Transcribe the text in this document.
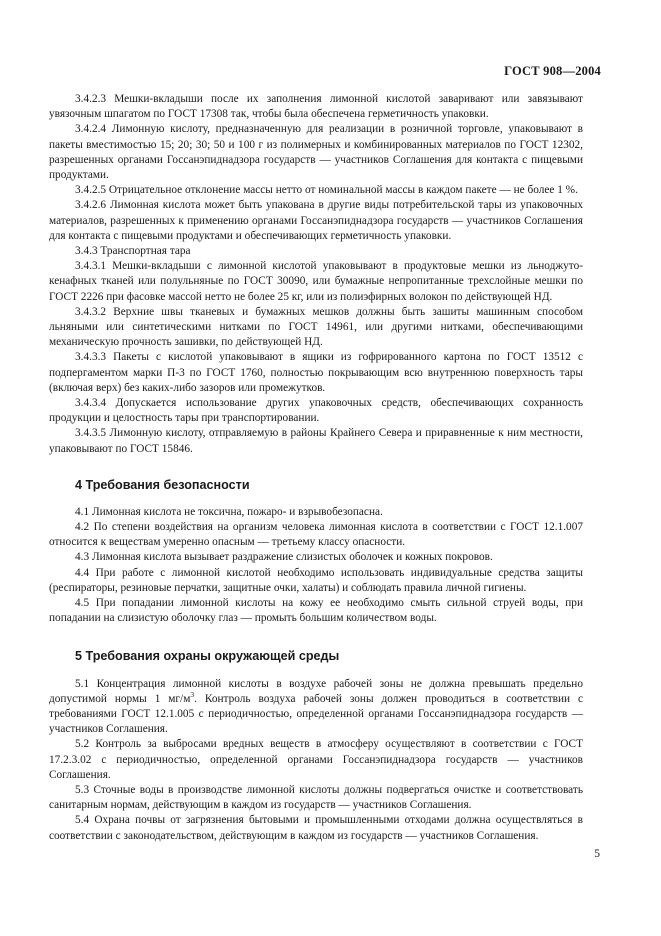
ГОСТ 908—2004

3.4.2.3 Мешки-вкладыши после их заполнения лимонной кислотой заваривают или завязывают увязочным шпагатом по ГОСТ 17308 так, чтобы была обеспечена герметичность упаковки.

3.4.2.4 Лимонную кислоту, предназначенную для реализации в розничной торговле, упаковывают в пакеты вместимостью 15; 20; 30; 50 и 100 г из полимерных и комбинированных материалов по ГОСТ 12302, разрешенных органами Госсанэпиднадзора государств — участников Соглашения для контакта с пищевыми продуктами.

3.4.2.5 Отрицательное отклонение массы нетто от номинальной массы в каждом пакете — не более 1 %.

3.4.2.6 Лимонная кислота может быть упакована в другие виды потребительской тары из упаковочных материалов, разрешенных к применению органами Госсанэпиднадзора государств — участников Соглашения для контакта с пищевыми продуктами и обеспечивающих герметичность упаковки.

3.4.3 Транспортная тара

3.4.3.1 Мешки-вкладыши с лимонной кислотой упаковывают в продуктовые мешки из льноджуто-кенафных тканей или полульняные по ГОСТ 30090, или бумажные непропитанные трехслойные мешки по ГОСТ 2226 при фасовке массой нетто не более 25 кг, или из полиэфирных волокон по действующей НД.

3.4.3.2 Верхние швы тканевых и бумажных мешков должны быть зашиты машинным способом льняными или синтетическими нитками по ГОСТ 14961, или другими нитками, обеспечивающими механическую прочность зашивки, по действующей НД.

3.4.3.3 Пакеты с кислотой упаковывают в ящики из гофрированного картона по ГОСТ 13512 с подпергаментом марки П-3 по ГОСТ 1760, полностью покрывающим всю внутреннюю поверхность тары (включая верх) без каких-либо зазоров или промежутков.

3.4.3.4 Допускается использование других упаковочных средств, обеспечивающих сохранность продукции и целостность тары при транспортировании.

3.4.3.5 Лимонную кислоту, отправляемую в районы Крайнего Севера и приравненные к ним местности, упаковывают по ГОСТ 15846.

4 Требования безопасности

4.1 Лимонная кислота не токсична, пожаро- и взрывобезопасна.

4.2 По степени воздействия на организм человека лимонная кислота в соответствии с ГОСТ 12.1.007 относится к веществам умеренно опасным — третьему классу опасности.

4.3 Лимонная кислота вызывает раздражение слизистых оболочек и кожных покровов.

4.4 При работе с лимонной кислотой необходимо использовать индивидуальные средства защиты (респираторы, резиновые перчатки, защитные очки, халаты) и соблюдать правила личной гигиены.

4.5 При попадании лимонной кислоты на кожу ее необходимо смыть сильной струей воды, при попадании на слизистую оболочку глаз — промыть большим количеством воды.

5 Требования охраны окружающей среды

5.1 Концентрация лимонной кислоты в воздухе рабочей зоны не должна превышать предельно допустимой нормы 1 $мг/м^3$. Контроль воздуха рабочей зоны должен проводиться в соответствии с требованиями ГОСТ 12.1.005 с периодичностью, определенной органами Госсанэпиднадзора государств — участников Соглашения.

5.2 Контроль за выбросами вредных веществ в атмосферу осуществляют в соответствии с ГОСТ 17.2.3.02 с периодичностью, определенной органами Госсанэпиднадзора государств — участников Соглашения.

5.3 Сточные воды в производстве лимонной кислоты должны подвергаться очистке и соответствовать санитарным нормам, действующим в каждом из государств — участников Соглашения.

5.4 Охрана почвы от загрязнения бытовыми и промышленными отходами должна осуществляться в соответствии с законодательством, действующим в каждом из государств — участников Соглашения.

5
